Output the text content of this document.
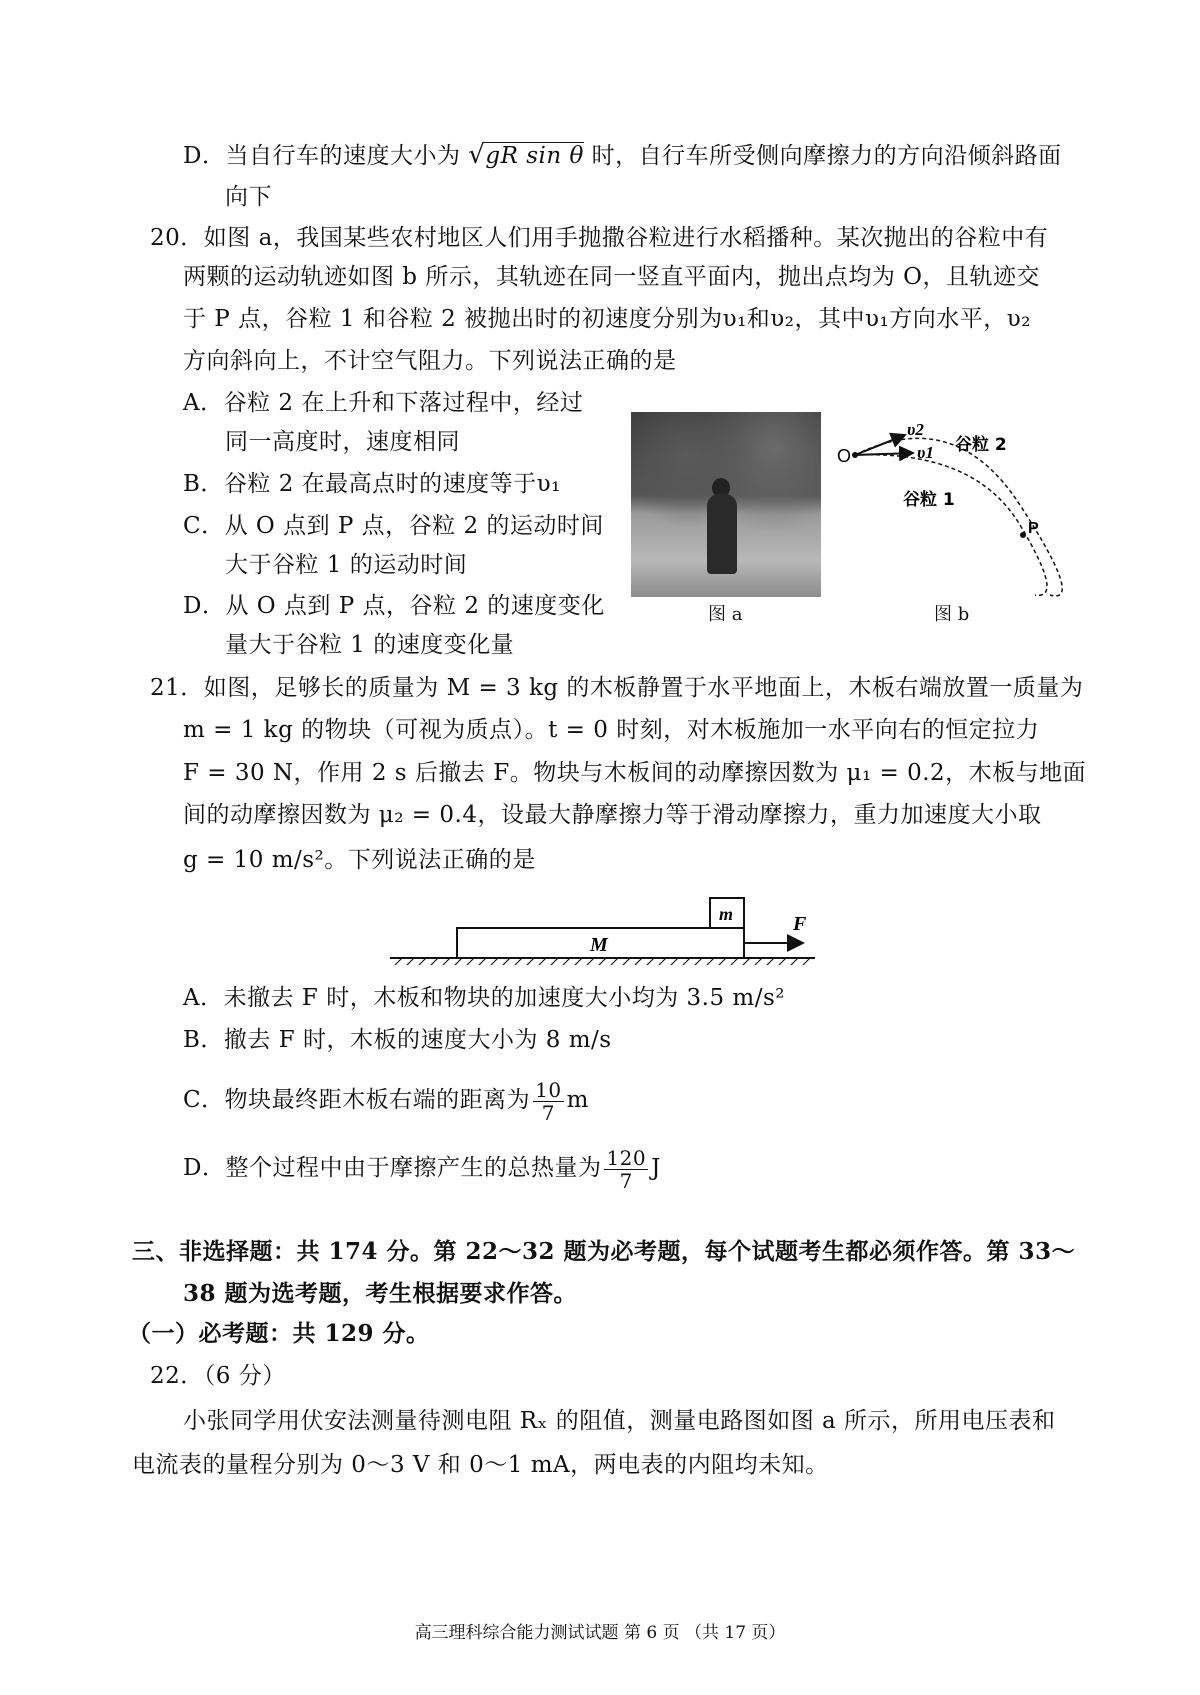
D．当自行车的速度大小为 √gR sin θ 时，自行车所受侧向摩擦力的方向沿倾斜路面
向下
20．如图 a，我国某些农村地区人们用手抛撒谷粒进行水稻播种。某次抛出的谷粒中有
两颗的运动轨迹如图 b 所示，其轨迹在同一竖直平面内，抛出点均为 O，且轨迹交
于 P 点，谷粒 1 和谷粒 2 被抛出时的初速度分别为υ₁和υ₂，其中υ₁方向水平，υ₂
方向斜向上，不计空气阻力。下列说法正确的是
A．谷粒 2 在上升和下落过程中，经过
同一高度时，速度相同
B．谷粒 2 在最高点时的速度等于υ₁
C．从 O 点到 P 点，谷粒 2 的运动时间
大于谷粒 1 的运动时间
D．从 O 点到 P 点，谷粒 2 的速度变化
量大于谷粒 1 的速度变化量
图 a
O
υ2
υ1 谷粒 2
谷粒 1
P
图 b
21．如图，足够长的质量为 M = 3 kg 的木板静置于水平地面上，木板右端放置一质量为
m = 1 kg 的物块（可视为质点）。t = 0 时刻，对木板施加一水平向右的恒定拉力
F = 30 N，作用 2 s 后撤去 F。物块与木板间的动摩擦因数为 μ₁ = 0.2，木板与地面
间的动摩擦因数为 μ₂ = 0.4，设最大静摩擦力等于滑动摩擦力，重力加速度大小取
g = 10 m/s²。下列说法正确的是
m
M
F
A．未撤去 F 时，木板和物块的加速度大小均为 3.5 m/s²
B．撤去 F 时，木板的速度大小为 8 m/s
C．物块最终距木板右端的距离为 $\frac{10}{7}$ m
D．整个过程中由于摩擦产生的总热量为 $\frac{120}{7}$ J
三、非选择题：共 174 分。第 22～32 题为必考题，每个试题考生都必须作答。第 33～
38 题为选考题，考生根据要求作答。
（一）必考题：共 129 分。
22．（6 分）
小张同学用伏安法测量待测电阻 Rₓ 的阻值，测量电路图如图 a 所示，所用电压表和
电流表的量程分别为 0～3 V 和 0～1 mA，两电表的内阻均未知。
高三理科综合能力测试试题 第 6 页 （共 17 页）
